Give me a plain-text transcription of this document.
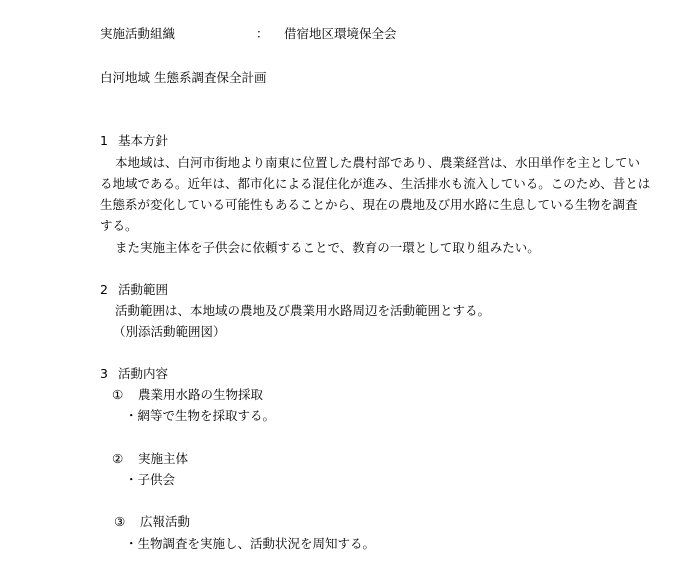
実施活動組織	： 借宿地区環境保全会
白河地域 生態系調査保全計画
1 基本方針
本地域は、白河市街地より南東に位置した農村部であり、農業経営は、水田単作を主としてい
る地域である。近年は、都市化による混住化が進み、生活排水も流入している。このため、昔とは
生態系が変化している可能性もあることから、現在の農地及び用水路に生息している生物を調査
する。
また実施主体を子供会に依頼することで、教育の一環として取り組みたい。
2 活動範囲
活動範囲は、本地域の農地及び農業用水路周辺を活動範囲とする。
（別添活動範囲図）
3 活動内容
① 農業用水路の生物採取
・網等で生物を採取する。
② 実施主体
・子供会
③ 広報活動
・生物調査を実施し、活動状況を周知する。
